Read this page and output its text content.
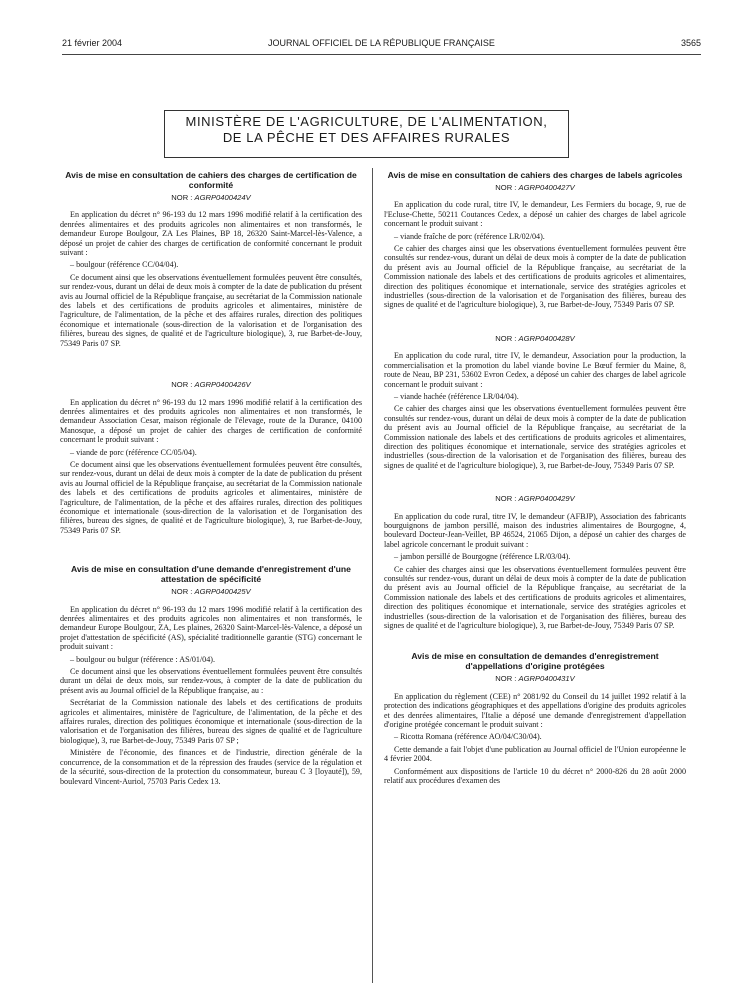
21 février 2004	JOURNAL OFFICIEL DE LA RÉPUBLIQUE FRANÇAISE	3565
MINISTÈRE DE L'AGRICULTURE, DE L'ALIMENTATION,
DE LA PÊCHE ET DES AFFAIRES RURALES
Avis de mise en consultation de cahiers des charges de certification de conformité
NOR : AGRP0400424V

En application du décret n° 96-193 du 12 mars 1996 modifié relatif à la certification des denrées alimentaires et des produits agricoles non alimentaires et non transformés, le demandeur Europe Boulgour, ZA Les Plaines, BP 18, 26320 Saint-Marcel-lès-Valence, a déposé un projet de cahier des charges de certification de conformité concernant le produit suivant :

– boulgour (référence CC/04/04).

Ce document ainsi que les observations éventuellement formulées peuvent être consultés, sur rendez-vous, durant un délai de deux mois à compter de la date de publication du présent avis au Journal officiel de la République française, au secrétariat de la Commission nationale des labels et des certifications de produits agricoles et alimentaires, ministère de l'agriculture, de l'alimentation, de la pêche et des affaires rurales, direction des politiques économique et internationale (sous-direction de la valorisation et de l'organisation des filières, bureau des signes, de qualité et de l'agriculture biologique), 3, rue Barbet-de-Jouy, 75349 Paris 07 SP.

NOR : AGRP0400426V

En application du décret n° 96-193 du 12 mars 1996 modifié relatif à la certification des denrées alimentaires et des produits agricoles non alimentaires et non transformés, le demandeur Association Cesar, maison régionale de l'élevage, route de la Durance, 04100 Manosque, a déposé un projet de cahier des charges de certification de conformité concernant le produit suivant :

– viande de porc (référence CC/05/04).

Ce document ainsi que les observations éventuellement formulées peuvent être consultés, sur rendez-vous, durant un délai de deux mois à compter de la date de publication du présent avis au Journal officiel de la République française, au secrétariat de la Commission nationale des labels et des certifications de produits agricoles et alimentaires, ministère de l'agriculture, de l'alimentation, de la pêche et des affaires rurales, direction des politiques économique et internationale (sous-direction de la valorisation et de l'organisation des filières, bureau des signes, de qualité et de l'agriculture biologique), 3, rue Barbet-de-Jouy, 75349 Paris 07 SP.

Avis de mise en consultation d'une demande d'enregistrement d'une attestation de spécificité
NOR : AGRP0400425V

En application du décret n° 96-193 du 12 mars 1996 modifié relatif à la certification des denrées alimentaires et des produits agricoles non alimentaires et non transformés, le demandeur Europe Boulgour, ZA, Les plaines, 26320 Saint-Marcel-lès-Valence, a déposé un projet d'attestation de spécificité (AS), spécialité traditionnelle garantie (STG) concernant le produit suivant :

– boulgour ou bulgur (référence : AS/01/04).

Ce document ainsi que les observations éventuellement formulées peuvent être consultés durant un délai de deux mois, sur rendez-vous, à compter de la date de publication du présent avis au Journal officiel de la République française, au :

Secrétariat de la Commission nationale des labels et des certifications de produits agricoles et alimentaires, ministère de l'agriculture, de l'alimentation, de la pêche et des affaires rurales, direction des politiques économique et internationale (sous-direction de la valorisation et de l'organisation des filières, bureau des signes de qualité et de l'agriculture biologique), 3, rue Barbet-de-Jouy, 75349 Paris 07 SP ;

Ministère de l'économie, des finances et de l'industrie, direction générale de la concurrence, de la consommation et de la répression des fraudes (service de la régulation et de la sécurité, sous-direction de la protection du consommateur, bureau C 3 [loyauté]), 59, boulevard Vincent-Auriol, 75703 Paris Cedex 13.

Avis de mise en consultation de cahiers des charges de labels agricoles
NOR : AGRP0400427V

En application du code rural, titre IV, le demandeur, Les Fermiers du bocage, 9, rue de l'Ecluse-Chette, 50211 Coutances Cedex, a déposé un cahier des charges de label agricole concernant le produit suivant :

– viande fraîche de porc (référence LR/02/04).

Ce cahier des charges ainsi que les observations éventuellement formulées peuvent être consultés sur rendez-vous, durant un délai de deux mois à compter de la date de publication du présent avis au Journal officiel de la République française, au secrétariat de la Commission nationale des labels et des certifications de produits agricoles et alimentaires, direction des politiques économique et internationale, service des stratégies agricoles et industrielles (sous-direction de la valorisation et de l'organisation des filières, bureau des signes de qualité et de l'agriculture biologique), 3, rue Barbet-de-Jouy, 75349 Paris 07 SP.

NOR : AGRP0400428V

En application du code rural, titre IV, le demandeur, Association pour la production, la commercialisation et la promotion du label viande bovine Le Bœuf fermier du Maine, 8, route de Neau, BP 231, 53602 Evron Cedex, a déposé un cahier des charges de label agricole concernant le produit suivant :

– viande hachée (référence LR/04/04).

Ce cahier des charges ainsi que les observations éventuellement formulées peuvent être consultés sur rendez-vous, durant un délai de deux mois à compter de la date de publication du présent avis au Journal officiel de la République française, au secrétariat de la Commission nationale des labels et des certifications de produits agricoles et alimentaires, direction des politiques économique et internationale, service des stratégies agricoles et industrielles (sous-direction de la valorisation et de l'organisation des filières, bureau des signes de qualité et de l'agriculture biologique), 3, rue Barbet-de-Jouy, 75349 Paris 07 SP.

NOR : AGRP0400429V

En application du code rural, titre IV, le demandeur (AFBJP), Association des fabricants bourguignons de jambon persillé, maison des industries alimentaires de Bourgogne, 4, boulevard Docteur-Jean-Veillet, BP 46524, 21065 Dijon, a déposé un cahier des charges de label agricole concernant le produit suivant :

– jambon persillé de Bourgogne (référence LR/03/04).

Ce cahier des charges ainsi que les observations éventuellement formulées peuvent être consultés sur rendez-vous, durant un délai de deux mois à compter de la date de publication du présent avis au Journal officiel de la République française, au secrétariat de la Commission nationale des labels et des certifications de produits agricoles et alimentaires, direction des politiques économique et internationale, service des stratégies agricoles et industrielles (sous-direction de la valorisation et de l'organisation des filières, bureau des signes de qualité et de l'agriculture biologique), 3, rue Barbet-de-Jouy, 75349 Paris 07 SP.

Avis de mise en consultation de demandes d'enregistrement d'appellations d'origine protégées
NOR : AGRP0400431V

En application du règlement (CEE) n° 2081/92 du Conseil du 14 juillet 1992 relatif à la protection des indications géographiques et des appellations d'origine des produits agricoles et des denrées alimentaires, l'Italie a déposé une demande d'enregistrement d'appellation d'origine protégée concernant le produit suivant :

– Ricotta Romana (référence AO/04/C30/04).

Cette demande a fait l'objet d'une publication au Journal officiel de l'Union européenne le 4 février 2004.

Conformément aux dispositions de l'article 10 du décret n° 2000-826 du 28 août 2000 relatif aux procédures d'examen des
